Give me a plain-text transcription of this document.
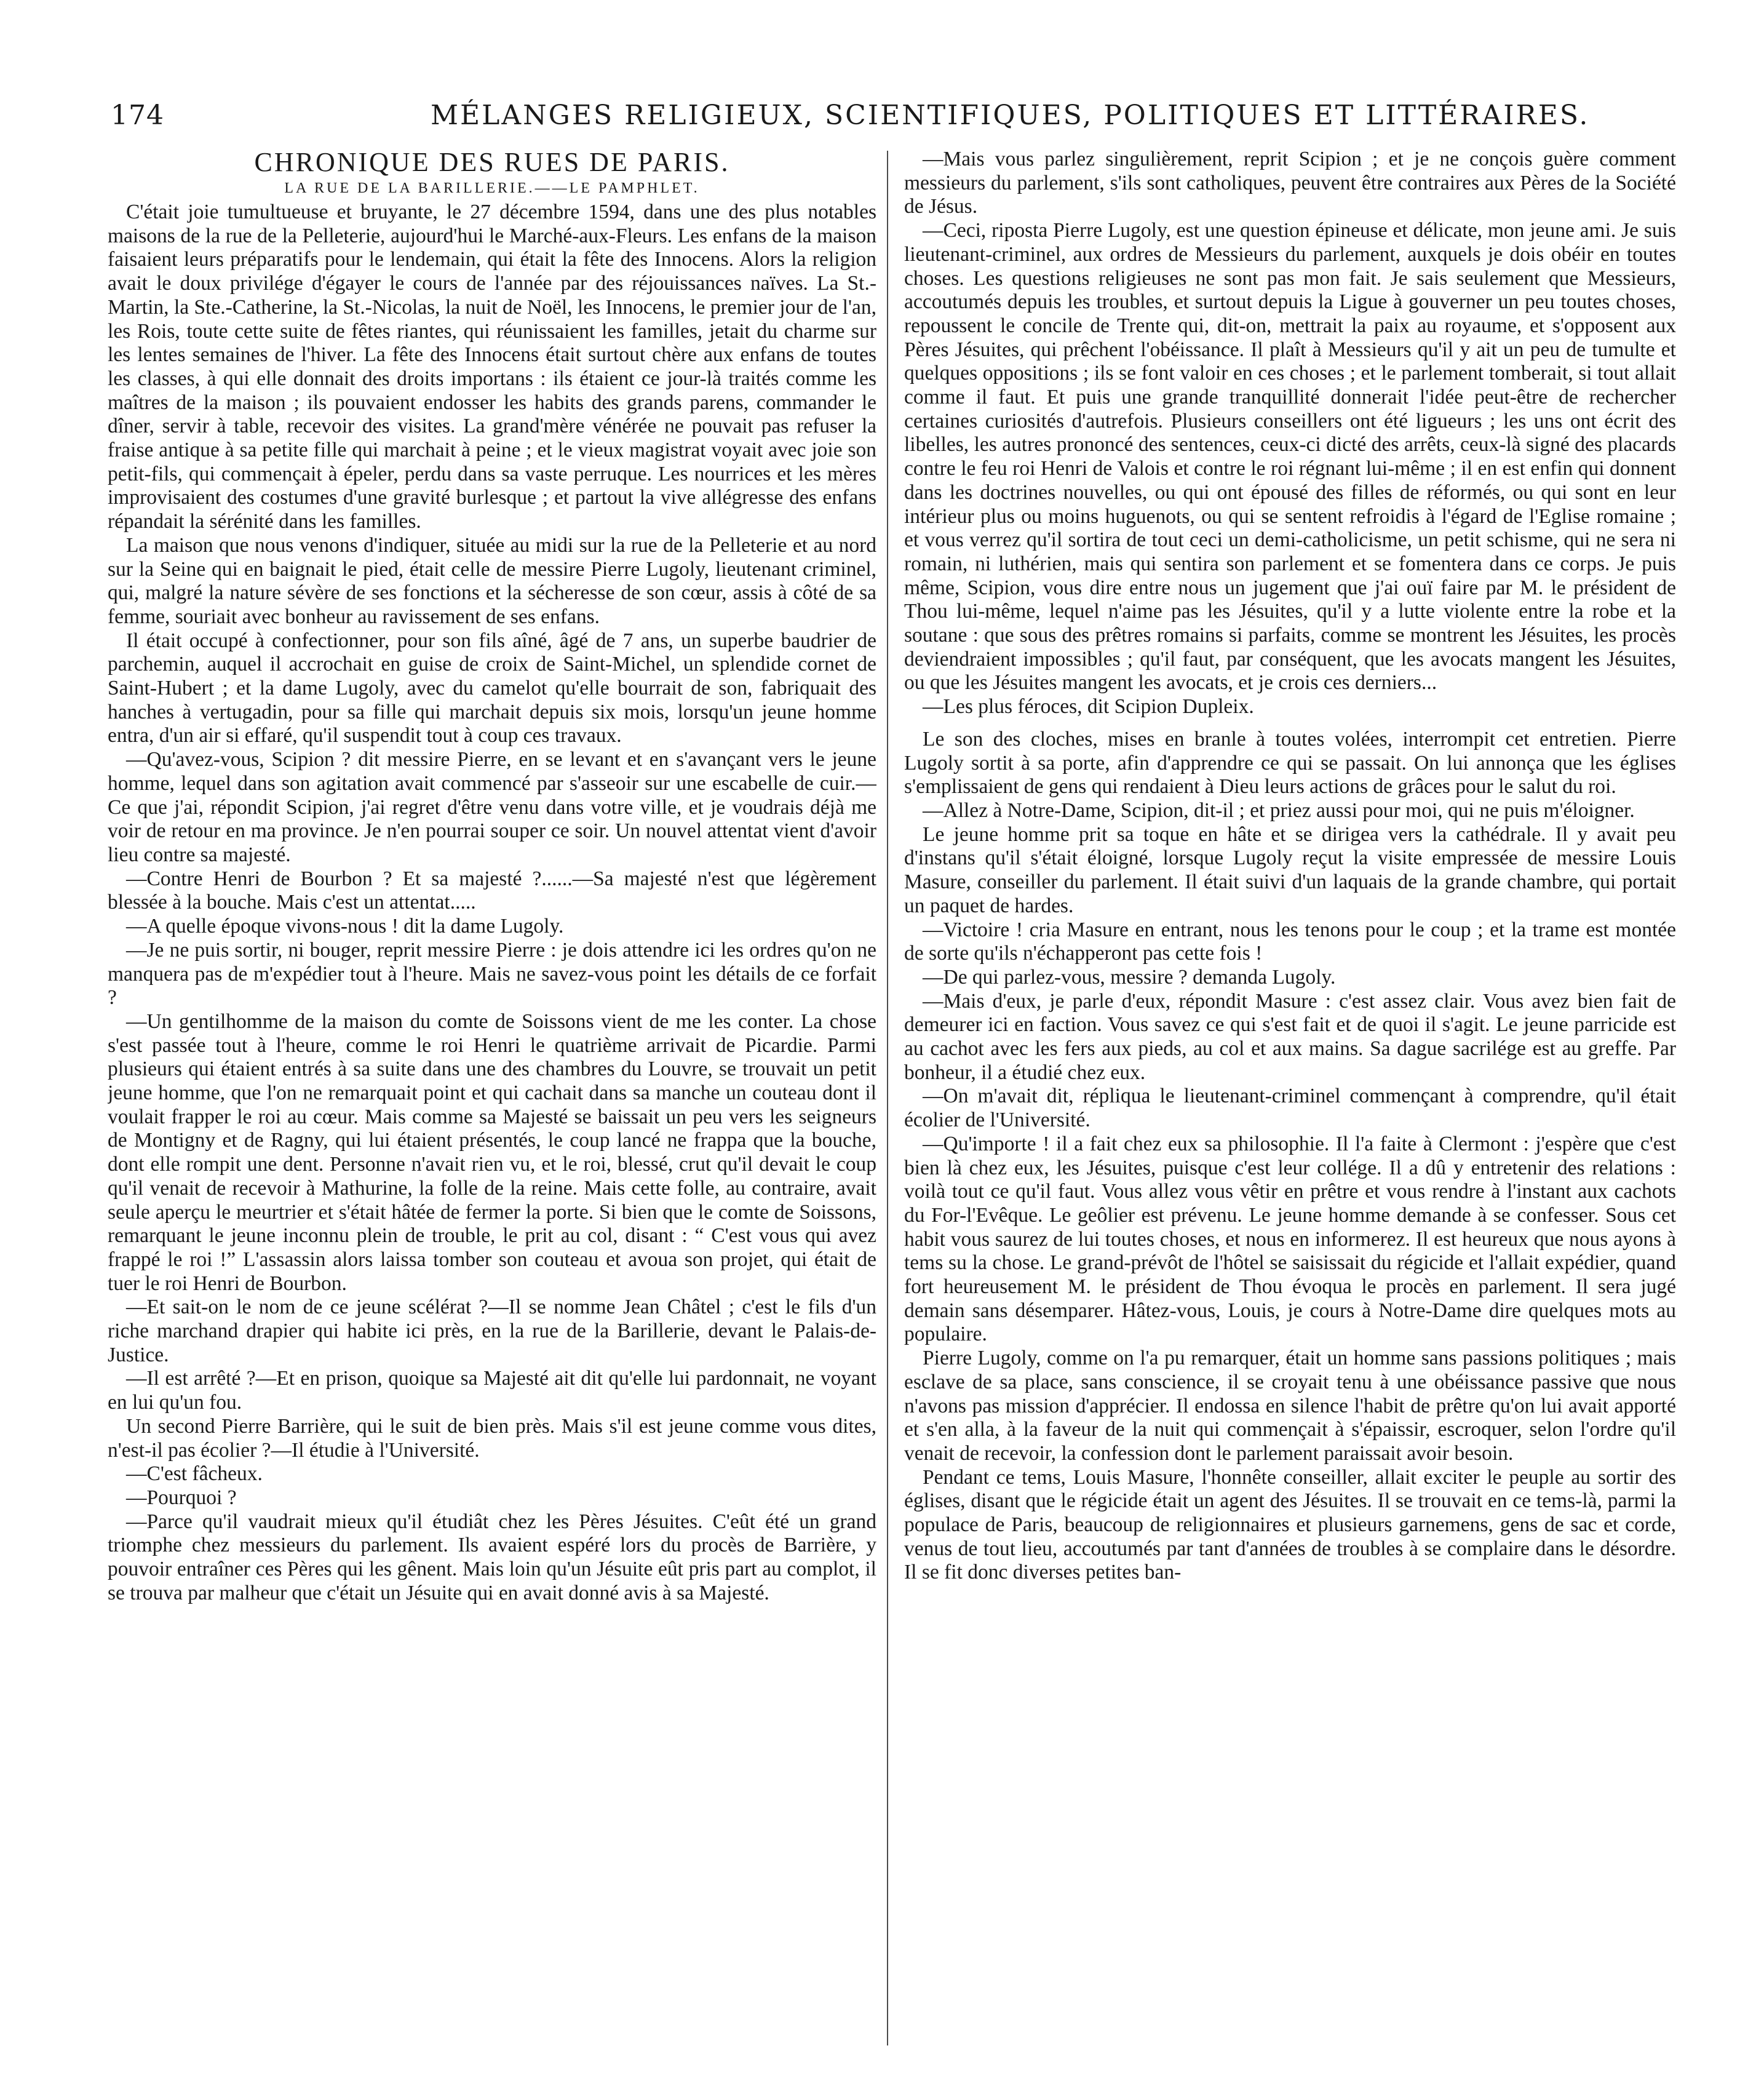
174	MÉLANGES RELIGIEUX, SCIENTIFIQUES, POLITIQUES ET LITTÉRAIRES.
CHRONIQUE DES RUES DE PARIS.
LA RUE DE LA BARILLERIE.——LE PAMPHLET.

C'était joie tumultueuse et bruyante, le 27 décembre 1594, dans une des plus notables maisons de la rue de la Pelleterie, aujourd'hui le Marché-aux-Fleurs. Les enfans de la maison faisaient leurs préparatifs pour le lendemain, qui était la fête des Innocens. Alors la religion avait le doux privilége d'égayer le cours de l'année par des réjouissances naïves. La St.-Martin, la Ste.-Catherine, la St.-Nicolas, la nuit de Noël, les Innocens, le premier jour de l'an, les Rois, toute cette suite de fêtes riantes, qui réunissaient les familles, jetait du charme sur les lentes semaines de l'hiver. La fête des Innocens était surtout chère aux enfans de toutes les classes, à qui elle donnait des droits importans : ils étaient ce jour-là traités comme les maîtres de la maison ; ils pouvaient endosser les habits des grands parens, commander le dîner, servir à table, recevoir des visites. La grand'mère vénérée ne pouvait pas refuser la fraise antique à sa petite fille qui marchait à peine ; et le vieux magistrat voyait avec joie son petit-fils, qui commençait à épeler, perdu dans sa vaste perruque. Les nourrices et les mères improvisaient des costumes d'une gravité burlesque ; et partout la vive allégresse des enfans répandait la sérénité dans les familles.

La maison que nous venons d'indiquer, située au midi sur la rue de la Pelleterie et au nord sur la Seine qui en baignait le pied, était celle de messire Pierre Lugoly, lieutenant criminel, qui, malgré la nature sévère de ses fonctions et la sécheresse de son cœur, assis à côté de sa femme, souriait avec bonheur au ravissement de ses enfans.

Il était occupé à confectionner, pour son fils aîné, âgé de 7 ans, un superbe baudrier de parchemin, auquel il accrochait en guise de croix de Saint-Michel, un splendide cornet de Saint-Hubert ; et la dame Lugoly, avec du camelot qu'elle bourrait de son, fabriquait des hanches à vertugadin, pour sa fille qui marchait depuis six mois, lorsqu'un jeune homme entra, d'un air si effaré, qu'il suspendit tout à coup ces travaux.

—Qu'avez-vous, Scipion ? dit messire Pierre, en se levant et en s'avançant vers le jeune homme, lequel dans son agitation avait commencé par s'asseoir sur une escabelle de cuir.—Ce que j'ai, répondit Scipion, j'ai regret d'être venu dans votre ville, et je voudrais déjà me voir de retour en ma province. Je n'en pourrai souper ce soir. Un nouvel attentat vient d'avoir lieu contre sa majesté.

—Contre Henri de Bourbon ? Et sa majesté ?......—Sa majesté n'est que légèrement blessée à la bouche. Mais c'est un attentat.....

—A quelle époque vivons-nous ! dit la dame Lugoly.

—Je ne puis sortir, ni bouger, reprit messire Pierre : je dois attendre ici les ordres qu'on ne manquera pas de m'expédier tout à l'heure. Mais ne savez-vous point les détails de ce forfait ?

—Un gentilhomme de la maison du comte de Soissons vient de me les conter. La chose s'est passée tout à l'heure, comme le roi Henri le quatrième arrivait de Picardie. Parmi plusieurs qui étaient entrés à sa suite dans une des chambres du Louvre, se trouvait un petit jeune homme, que l'on ne remarquait point et qui cachait dans sa manche un couteau dont il voulait frapper le roi au cœur. Mais comme sa Majesté se baissait un peu vers les seigneurs de Montigny et de Ragny, qui lui étaient présentés, le coup lancé ne frappa que la bouche, dont elle rompit une dent. Personne n'avait rien vu, et le roi, blessé, crut qu'il devait le coup qu'il venait de recevoir à Mathurine, la folle de la reine. Mais cette folle, au contraire, avait seule aperçu le meurtrier et s'était hâtée de fermer la porte. Si bien que le comte de Soissons, remarquant le jeune inconnu plein de trouble, le prit au col, disant : “ C'est vous qui avez frappé le roi !” L'assassin alors laissa tomber son couteau et avoua son projet, qui était de tuer le roi Henri de Bourbon.

—Et sait-on le nom de ce jeune scélérat ?—Il se nomme Jean Châtel ; c'est le fils d'un riche marchand drapier qui habite ici près, en la rue de la Barillerie, devant le Palais-de-Justice.

—Il est arrêté ?—Et en prison, quoique sa Majesté ait dit qu'elle lui pardonnait, ne voyant en lui qu'un fou.

Un second Pierre Barrière, qui le suit de bien près. Mais s'il est jeune comme vous dites, n'est-il pas écolier ?—Il étudie à l'Université.

—C'est fâcheux.

—Pourquoi ?

—Parce qu'il vaudrait mieux qu'il étudiât chez les Pères Jésuites. C'eût été un grand triomphe chez messieurs du parlement. Ils avaient espéré lors du procès de Barrière, y pouvoir entraîner ces Pères qui les gênent. Mais loin qu'un Jésuite eût pris part au complot, il se trouva par malheur que c'était un Jésuite qui en avait donné avis à sa Majesté.

—Mais vous parlez singulièrement, reprit Scipion ; et je ne conçois guère comment messieurs du parlement, s'ils sont catholiques, peuvent être contraires aux Pères de la Société de Jésus.

—Ceci, riposta Pierre Lugoly, est une question épineuse et délicate, mon jeune ami. Je suis lieutenant-criminel, aux ordres de Messieurs du parlement, auxquels je dois obéir en toutes choses. Les questions religieuses ne sont pas mon fait. Je sais seulement que Messieurs, accoutumés depuis les troubles, et surtout depuis la Ligue à gouverner un peu toutes choses, repoussent le concile de Trente qui, dit-on, mettrait la paix au royaume, et s'opposent aux Pères Jésuites, qui prêchent l'obéissance. Il plaît à Messieurs qu'il y ait un peu de tumulte et quelques oppositions ; ils se font valoir en ces choses ; et le parlement tomberait, si tout allait comme il faut. Et puis une grande tranquillité donnerait l'idée peut-être de rechercher certaines curiosités d'autrefois. Plusieurs conseillers ont été ligueurs ; les uns ont écrit des libelles, les autres prononcé des sentences, ceux-ci dicté des arrêts, ceux-là signé des placards contre le feu roi Henri de Valois et contre le roi régnant lui-même ; il en est enfin qui donnent dans les doctrines nouvelles, ou qui ont épousé des filles de réformés, ou qui sont en leur intérieur plus ou moins huguenots, ou qui se sentent refroidis à l'égard de l'Eglise romaine ; et vous verrez qu'il sortira de tout ceci un demi-catholicisme, un petit schisme, qui ne sera ni romain, ni luthérien, mais qui sentira son parlement et se fomentera dans ce corps. Je puis même, Scipion, vous dire entre nous un jugement que j'ai ouï faire par M. le président de Thou lui-même, lequel n'aime pas les Jésuites, qu'il y a lutte violente entre la robe et la soutane : que sous des prêtres romains si parfaits, comme se montrent les Jésuites, les procès deviendraient impossibles ; qu'il faut, par conséquent, que les avocats mangent les Jésuites, ou que les Jésuites mangent les avocats, et je crois ces derniers...

—Les plus féroces, dit Scipion Dupleix.

Le son des cloches, mises en branle à toutes volées, interrompit cet entretien. Pierre Lugoly sortit à sa porte, afin d'apprendre ce qui se passait. On lui annonça que les églises s'emplissaient de gens qui rendaient à Dieu leurs actions de grâces pour le salut du roi.

—Allez à Notre-Dame, Scipion, dit-il ; et priez aussi pour moi, qui ne puis m'éloigner.

Le jeune homme prit sa toque en hâte et se dirigea vers la cathédrale. Il y avait peu d'instans qu'il s'était éloigné, lorsque Lugoly reçut la visite empressée de messire Louis Masure, conseiller du parlement. Il était suivi d'un laquais de la grande chambre, qui portait un paquet de hardes.

—Victoire ! cria Masure en entrant, nous les tenons pour le coup ; et la trame est montée de sorte qu'ils n'échapperont pas cette fois !

—De qui parlez-vous, messire ? demanda Lugoly.

—Mais d'eux, je parle d'eux, répondit Masure : c'est assez clair. Vous avez bien fait de demeurer ici en faction. Vous savez ce qui s'est fait et de quoi il s'agit. Le jeune parricide est au cachot avec les fers aux pieds, au col et aux mains. Sa dague sacrilége est au greffe. Par bonheur, il a étudié chez eux.

—On m'avait dit, répliqua le lieutenant-criminel commençant à comprendre, qu'il était écolier de l'Université.

—Qu'importe ! il a fait chez eux sa philosophie. Il l'a faite à Clermont : j'espère que c'est bien là chez eux, les Jésuites, puisque c'est leur collége. Il a dû y entretenir des relations : voilà tout ce qu'il faut. Vous allez vous vêtir en prêtre et vous rendre à l'instant aux cachots du For-l'Evêque. Le geôlier est prévenu. Le jeune homme demande à se confesser. Sous cet habit vous saurez de lui toutes choses, et nous en informerez. Il est heureux que nous ayons à tems su la chose. Le grand-prévôt de l'hôtel se saisissait du régicide et l'allait expédier, quand fort heureusement M. le président de Thou évoqua le procès en parlement. Il sera jugé demain sans désemparer. Hâtez-vous, Louis, je cours à Notre-Dame dire quelques mots au populaire.

Pierre Lugoly, comme on l'a pu remarquer, était un homme sans passions politiques ; mais esclave de sa place, sans conscience, il se croyait tenu à une obéissance passive que nous n'avons pas mission d'apprécier. Il endossa en silence l'habit de prêtre qu'on lui avait apporté et s'en alla, à la faveur de la nuit qui commençait à s'épaissir, escroquer, selon l'ordre qu'il venait de recevoir, la confession dont le parlement paraissait avoir besoin.

Pendant ce tems, Louis Masure, l'honnête conseiller, allait exciter le peuple au sortir des églises, disant que le régicide était un agent des Jésuites. Il se trouvait en ce tems-là, parmi la populace de Paris, beaucoup de religionnaires et plusieurs garnemens, gens de sac et corde, venus de tout lieu, accoutumés par tant d'années de troubles à se complaire dans le désordre. Il se fit donc diverses petites ban-
